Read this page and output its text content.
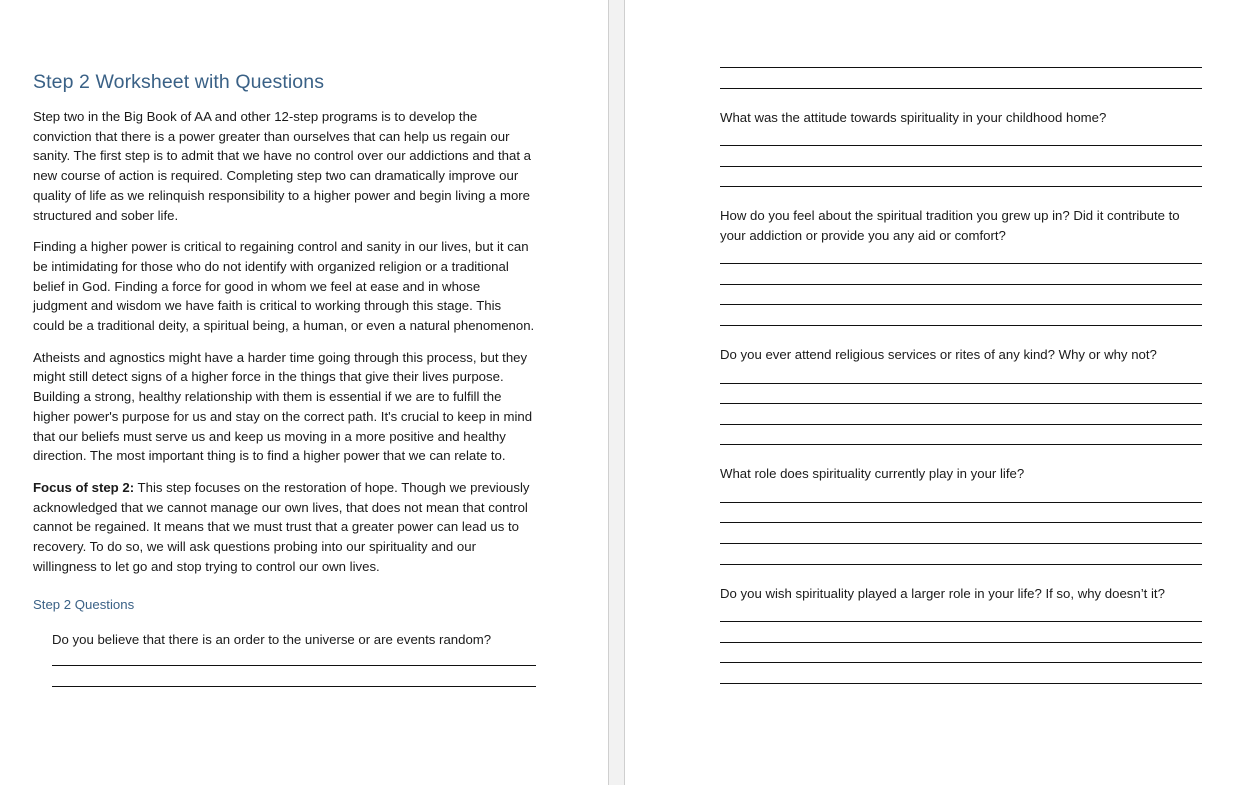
Step 2 Worksheet with Questions

Step two in the Big Book of AA and other 12-step programs is to develop the conviction that there is a power greater than ourselves that can help us regain our sanity. The first step is to admit that we have no control over our addictions and that a new course of action is required. Completing step two can dramatically improve our quality of life as we relinquish responsibility to a higher power and begin living a more structured and sober life.

Finding a higher power is critical to regaining control and sanity in our lives, but it can be intimidating for those who do not identify with organized religion or a traditional belief in God. Finding a force for good in whom we feel at ease and in whose judgment and wisdom we have faith is critical to working through this stage. This could be a traditional deity, a spiritual being, a human, or even a natural phenomenon.

Atheists and agnostics might have a harder time going through this process, but they might still detect signs of a higher force in the things that give their lives purpose. Building a strong, healthy relationship with them is essential if we are to fulfill the higher power's purpose for us and stay on the correct path. It's crucial to keep in mind that our beliefs must serve us and keep us moving in a more positive and healthy direction. The most important thing is to find a higher power that we can relate to.

Focus of step 2: This step focuses on the restoration of hope. Though we previously acknowledged that we cannot manage our own lives, that does not mean that control cannot be regained. It means that we must trust that a greater power can lead us to recovery. To do so, we will ask questions probing into our spirituality and our willingness to let go and stop trying to control our own lives.

Step 2 Questions

Do you believe that there is an order to the universe or are events random?

What was the attitude towards spirituality in your childhood home?

How do you feel about the spiritual tradition you grew up in? Did it contribute to your addiction or provide you any aid or comfort?

Do you ever attend religious services or rites of any kind? Why or why not?

What role does spirituality currently play in your life?

Do you wish spirituality played a larger role in your life? If so, why doesn’t it?
